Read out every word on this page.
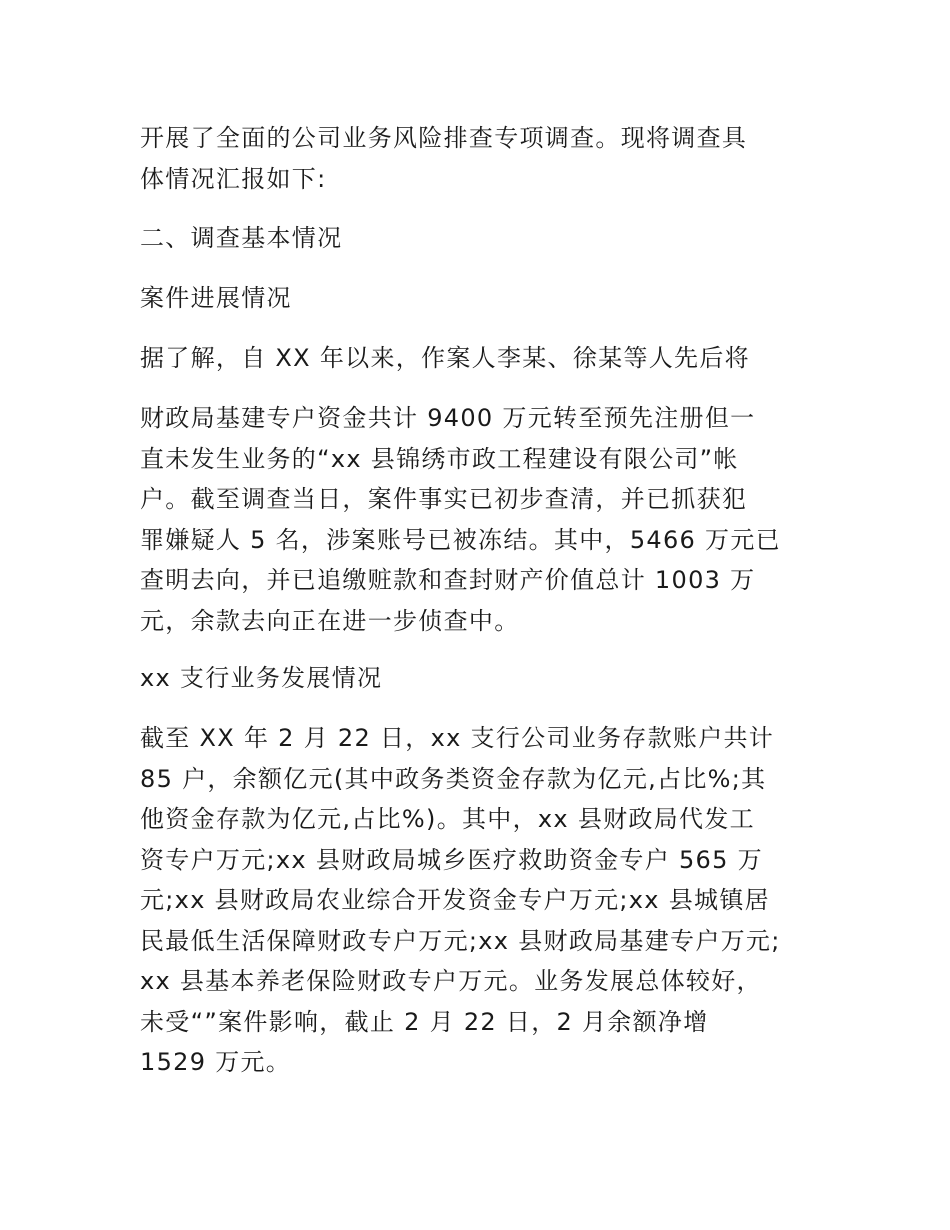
开展了全面的公司业务风险排查专项调查。现将调查具
体情况汇报如下:
二、调查基本情况
案件进展情况
据了解，自 XX 年以来，作案人李某、徐某等人先后将
财政局基建专户资金共计 9400 万元转至预先注册但一
直未发生业务的“xx 县锦绣市政工程建设有限公司”帐
户。截至调查当日，案件事实已初步查清，并已抓获犯
罪嫌疑人 5 名，涉案账号已被冻结。其中，5466 万元已
查明去向，并已追缴赃款和查封财产价值总计 1003 万
元，余款去向正在进一步侦查中。
xx 支行业务发展情况
截至 XX 年 2 月 22 日，xx 支行公司业务存款账户共计
85 户，余额亿元(其中政务类资金存款为亿元,占比%;其
他资金存款为亿元,占比%)。其中，xx 县财政局代发工
资专户万元;xx 县财政局城乡医疗救助资金专户 565 万
元;xx 县财政局农业综合开发资金专户万元;xx 县城镇居
民最低生活保障财政专户万元;xx 县财政局基建专户万元;
xx 县基本养老保险财政专户万元。业务发展总体较好，
未受“”案件影响，截止 2 月 22 日，2 月余额净增
1529 万元。
